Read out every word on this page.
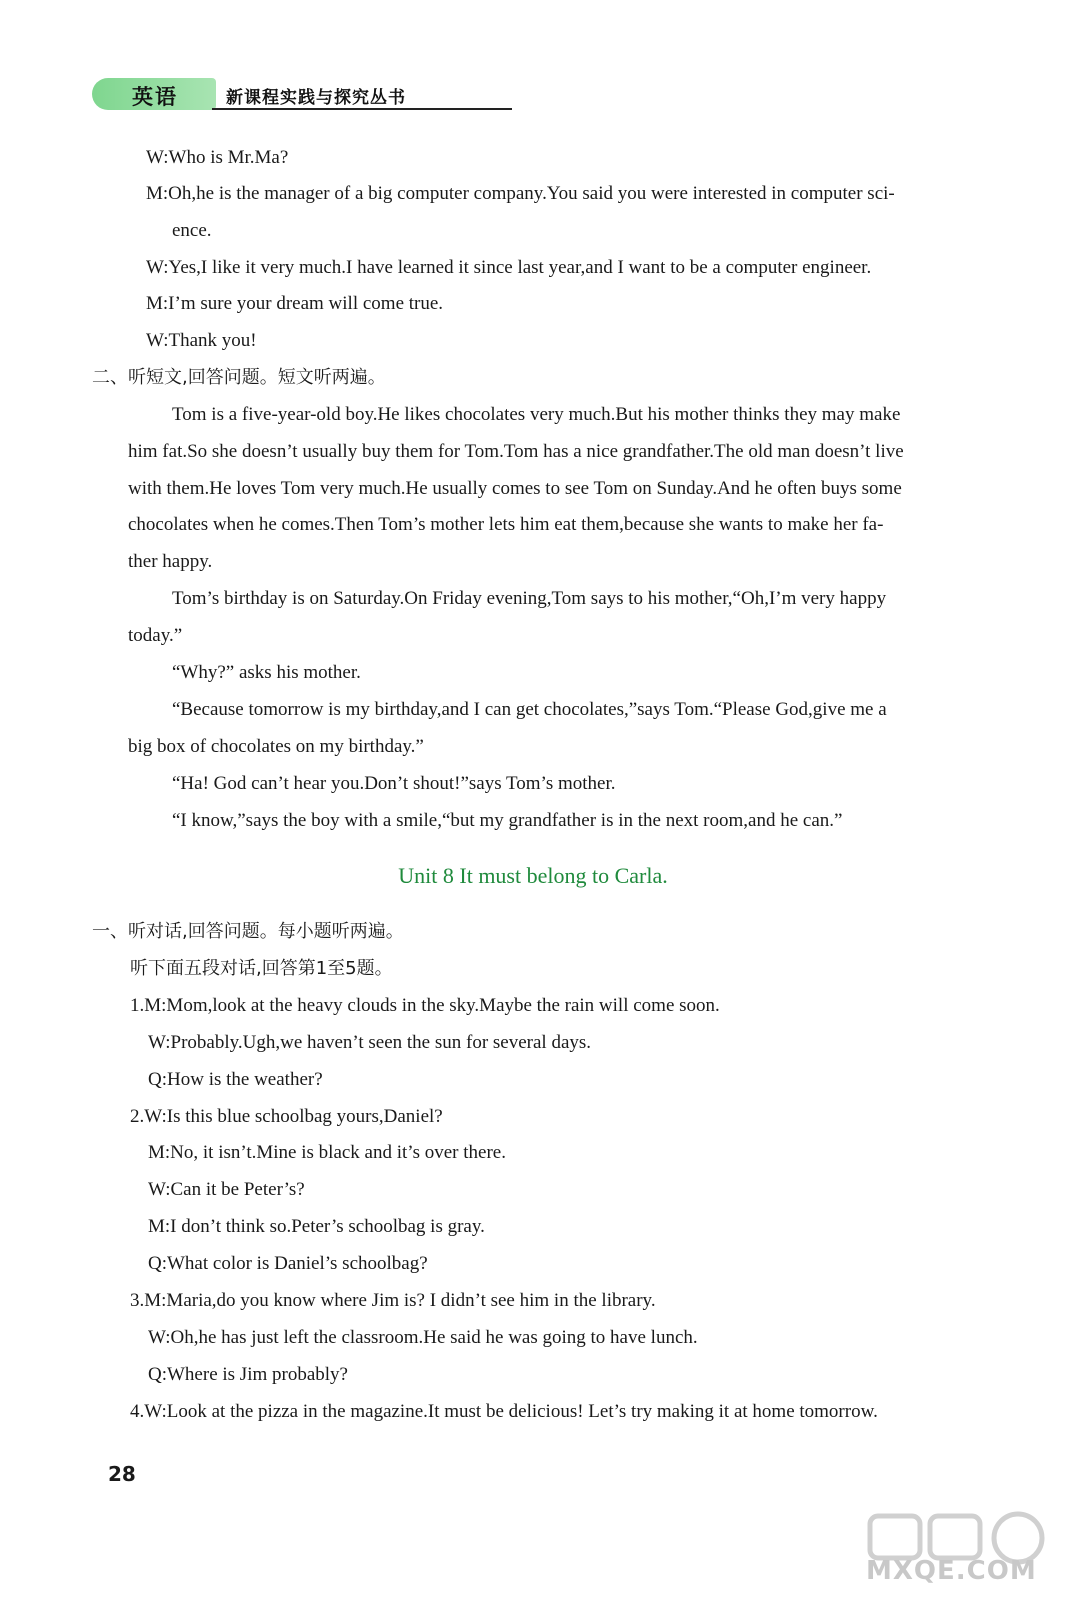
英语	新课程实践与探究丛书
W:Who is Mr.Ma?
M:Oh,he is the manager of a big computer company.You said you were interested in computer sci-
ence.
W:Yes,I like it very much.I have learned it since last year,and I want to be a computer engineer.
M:I’m sure your dream will come true.
W:Thank you!
二、听短文,回答问题。短文听两遍。
Tom is a five-year-old boy.He likes chocolates very much.But his mother thinks they may make
him fat.So she doesn’t usually buy them for Tom.Tom has a nice grandfather.The old man doesn’t live
with them.He loves Tom very much.He usually comes to see Tom on Sunday.And he often buys some
chocolates when he comes.Then Tom’s mother lets him eat them,because she wants to make her fa-
ther happy.
Tom’s birthday is on Saturday.On Friday evening,Tom says to his mother,“Oh,I’m very happy
today.”
“Why?” asks his mother.
“Because tomorrow is my birthday,and I can get chocolates,”says Tom.“Please God,give me a
big box of chocolates on my birthday.”
“Ha! God can’t hear you.Don’t shout!”says Tom’s mother.
“I know,”says the boy with a smile,“but my grandfather is in the next room,and he can.”
Unit 8 It must belong to Carla.
一、听对话,回答问题。每小题听两遍。
听下面五段对话,回答第1至5题。
1.M:Mom,look at the heavy clouds in the sky.Maybe the rain will come soon.
W:Probably.Ugh,we haven’t seen the sun for several days.
Q:How is the weather?
2.W:Is this blue schoolbag yours,Daniel?
M:No, it isn’t.Mine is black and it’s over there.
W:Can it be Peter’s?
M:I don’t think so.Peter’s schoolbag is gray.
Q:What color is Daniel’s schoolbag?
3.M:Maria,do you know where Jim is? I didn’t see him in the library.
W:Oh,he has just left the classroom.He said he was going to have lunch.
Q:Where is Jim probably?
4.W:Look at the pizza in the magazine.It must be delicious! Let’s try making it at home tomorrow.
28
MXQE.COM
